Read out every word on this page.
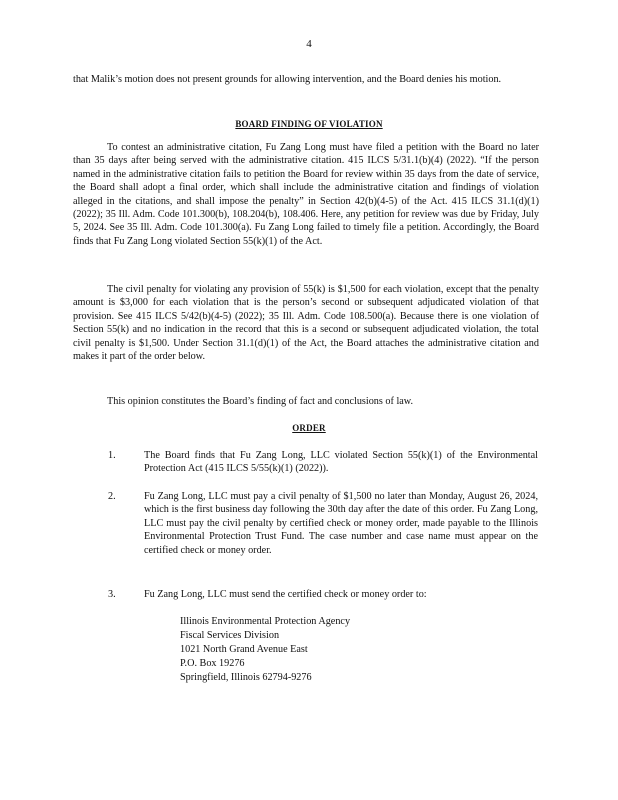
4

that Malik’s motion does not present grounds for allowing intervention, and the Board denies his motion.

BOARD FINDING OF VIOLATION

To contest an administrative citation, Fu Zang Long must have filed a petition with the Board no later than 35 days after being served with the administrative citation. 415 ILCS 5/31.1(b)(4) (2022). “If the person named in the administrative citation fails to petition the Board for review within 35 days from the date of service, the Board shall adopt a final order, which shall include the administrative citation and findings of violation alleged in the citations, and shall impose the penalty” in Section 42(b)(4-5) of the Act. 415 ILCS 31.1(d)(1) (2022); 35 Ill. Adm. Code 101.300(b), 108.204(b), 108.406. Here, any petition for review was due by Friday, July 5, 2024. See 35 Ill. Adm. Code 101.300(a). Fu Zang Long failed to timely file a petition. Accordingly, the Board finds that Fu Zang Long violated Section 55(k)(1) of the Act.

The civil penalty for violating any provision of 55(k) is $1,500 for each violation, except that the penalty amount is $3,000 for each violation that is the person’s second or subsequent adjudicated violation of that provision. See 415 ILCS 5/42(b)(4-5) (2022); 35 Ill. Adm. Code 108.500(a). Because there is one violation of Section 55(k) and no indication in the record that this is a second or subsequent adjudicated violation, the total civil penalty is $1,500. Under Section 31.1(d)(1) of the Act, the Board attaches the administrative citation and makes it part of the order below.

This opinion constitutes the Board’s finding of fact and conclusions of law.

ORDER
1.	The Board finds that Fu Zang Long, LLC violated Section 55(k)(1) of the Environmental Protection Act (415 ILCS 5/55(k)(1) (2022)).
2.	Fu Zang Long, LLC must pay a civil penalty of $1,500 no later than Monday, August 26, 2024, which is the first business day following the 30th day after the date of this order. Fu Zang Long, LLC must pay the civil penalty by certified check or money order, made payable to the Illinois Environmental Protection Trust Fund. The case number and case name must appear on the certified check or money order.
3.	Fu Zang Long, LLC must send the certified check or money order to:
Illinois Environmental Protection Agency
Fiscal Services Division
1021 North Grand Avenue East
P.O. Box 19276
Springfield, Illinois 62794-9276
